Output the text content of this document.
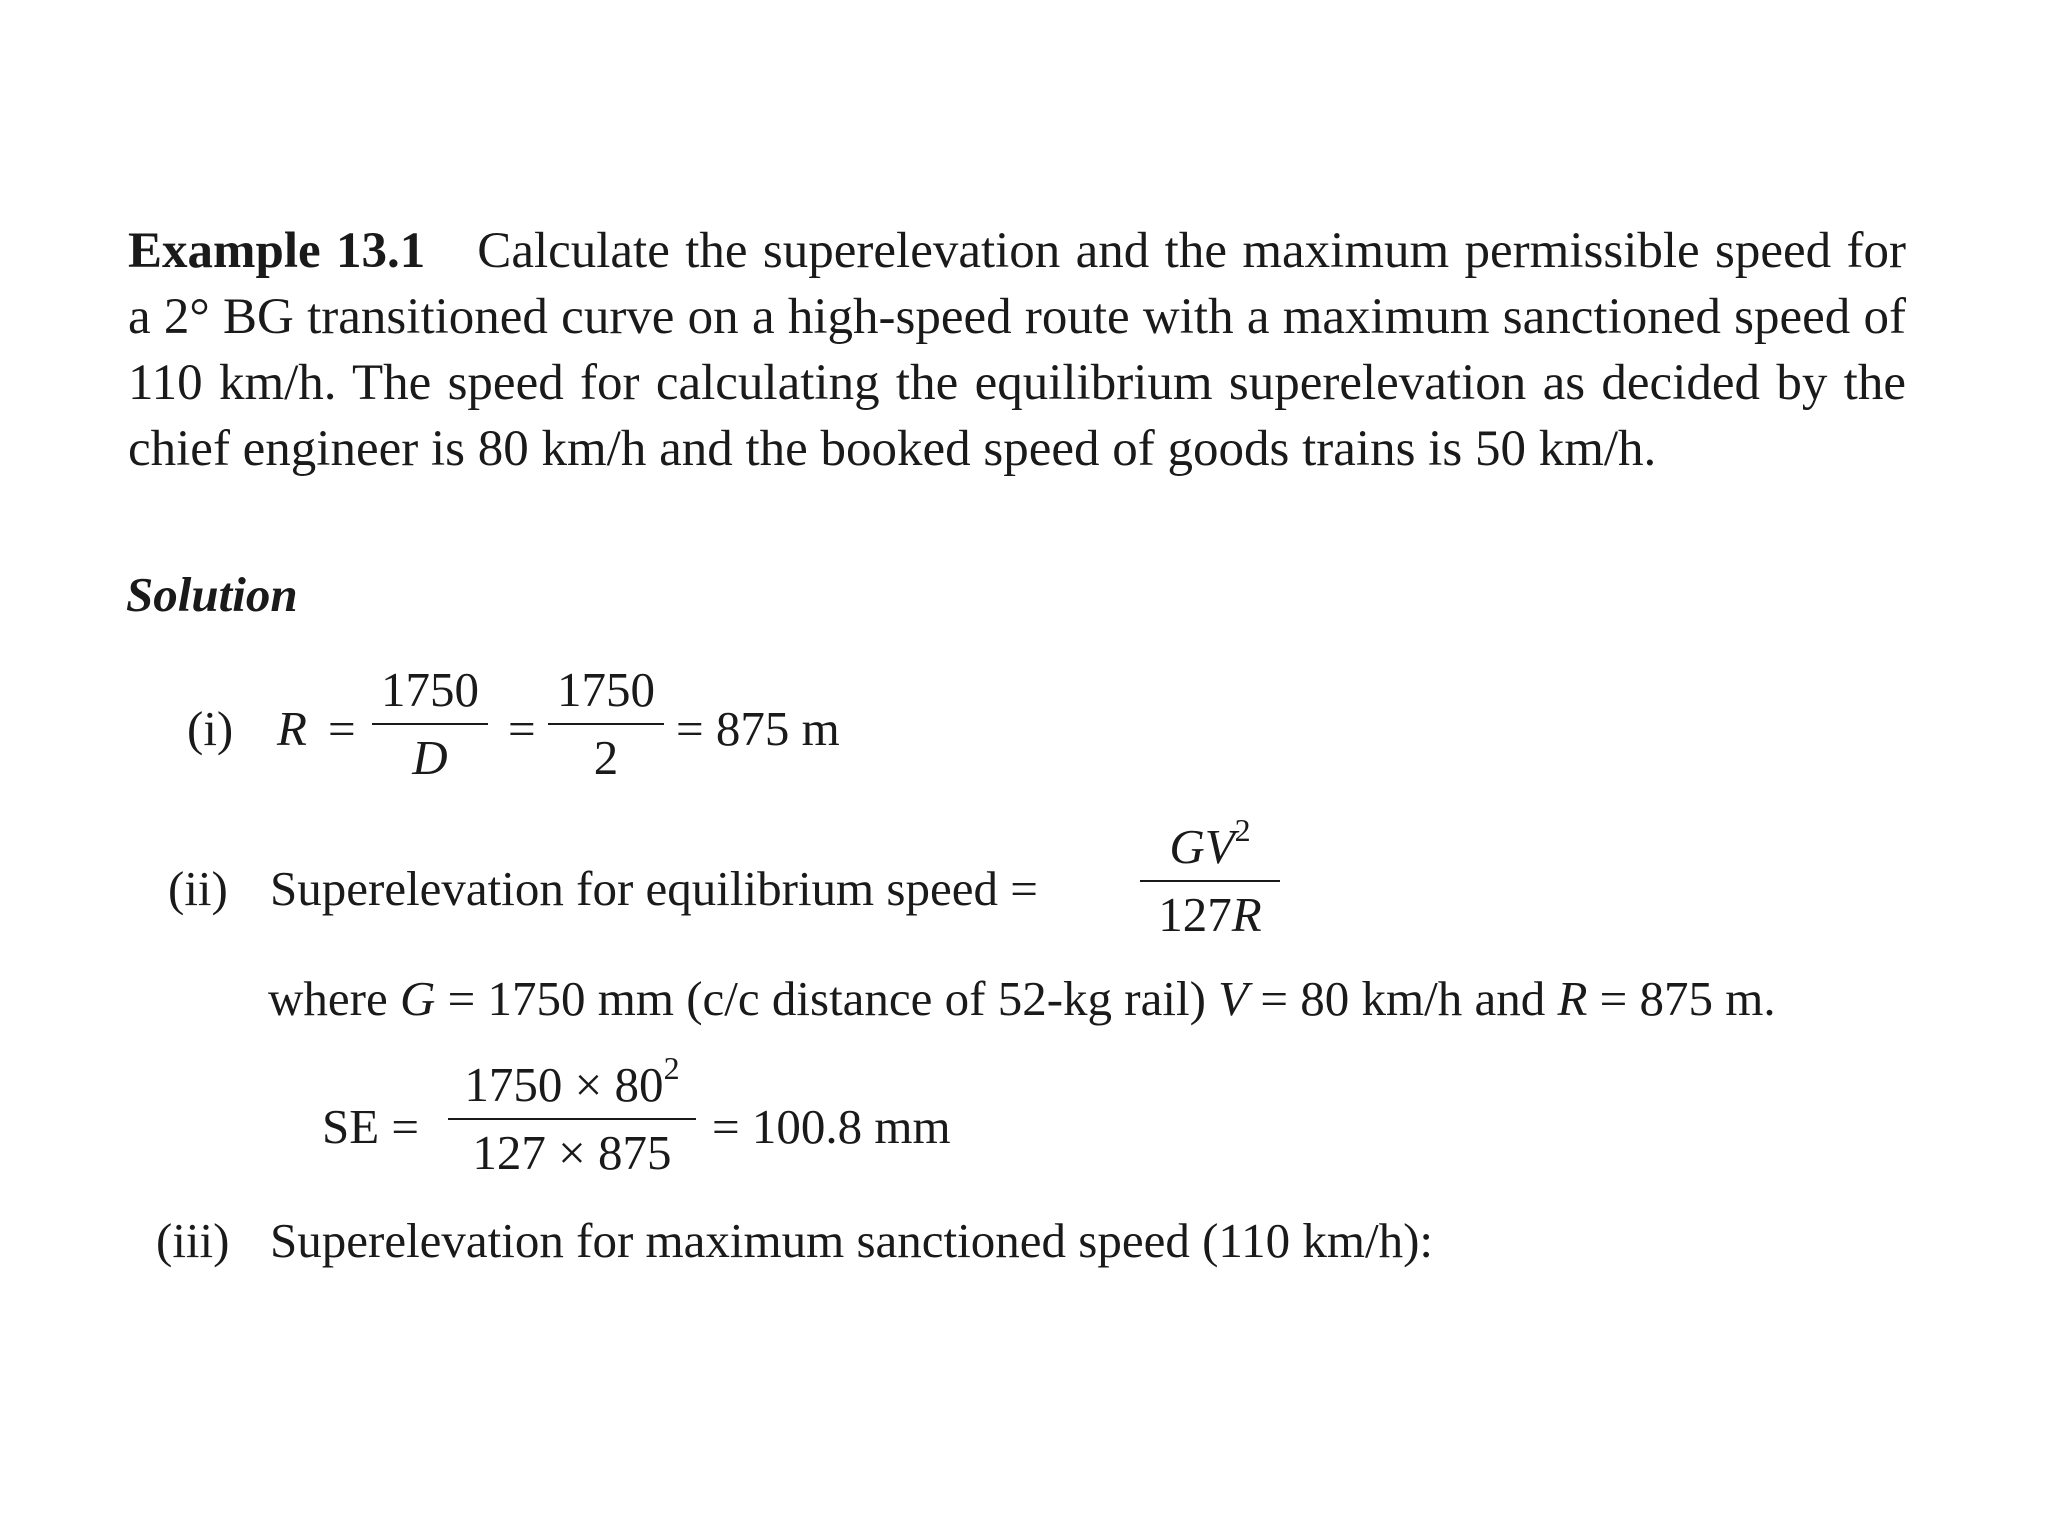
Example 13.1 Calculate the superelevation and the maximum permissible speed for a 2° BG transitioned curve on a high-speed route with a maximum sanctioned speed of 110 km/h. The speed for calculating the equilibrium superelevation as decided by the chief engineer is 80 km/h and the booked speed of goods trains is 50 km/h.
Solution
(i) R =
1750
D
=
1750
2
= 875 m
(ii) Superelevation for equilibrium speed =
$GV^2$
127R
where G = 1750 mm (c/c distance of 52-kg rail) V = 80 km/h and R = 875 m.
SE =
$1750 \times 80^2$
127 × 875 = 100.8 mm
(iii) Superelevation for maximum sanctioned speed (110 km/h):
